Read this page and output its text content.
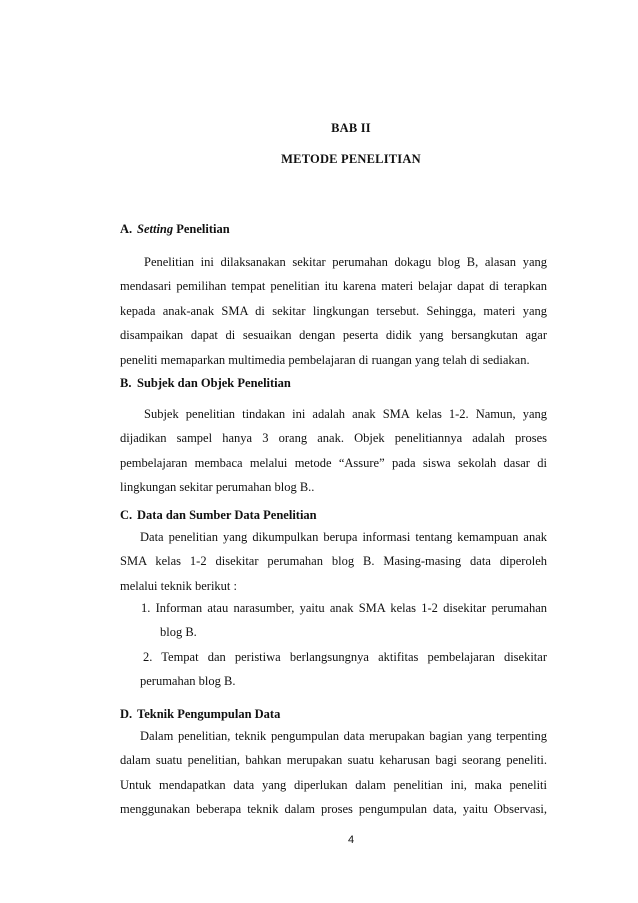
BAB II
METODE PENELITIAN
A. Setting Penelitian
Penelitian ini dilaksanakan sekitar perumahan dokagu blog B, alasan yang
mendasari pemilihan tempat penelitian itu karena materi belajar dapat di terapkan
kepada anak-anak SMA di sekitar lingkungan tersebut. Sehingga, materi yang
disampaikan dapat di sesuaikan dengan peserta didik yang bersangkutan agar
peneliti memaparkan multimedia pembelajaran di ruangan yang telah di sediakan.
B. Subjek dan Objek Penelitian
Subjek penelitian tindakan ini adalah anak SMA kelas 1-2. Namun, yang
dijadikan sampel hanya 3 orang anak. Objek penelitiannya adalah proses
pembelajaran membaca melalui metode “Assure” pada siswa sekolah dasar di
lingkungan sekitar perumahan blog B..
C. Data dan Sumber Data Penelitian
Data penelitian yang dikumpulkan berupa informasi tentang kemampuan anak
SMA kelas 1-2 disekitar perumahan blog B. Masing-masing data diperoleh
melalui teknik berikut :
1. Informan atau narasumber, yaitu anak SMA kelas 1-2 disekitar perumahan
blog B.
2. Tempat dan peristiwa berlangsungnya aktifitas pembelajaran disekitar
perumahan blog B.
D. Teknik Pengumpulan Data
Dalam penelitian, teknik pengumpulan data merupakan bagian yang terpenting
dalam suatu penelitian, bahkan merupakan suatu keharusan bagi seorang peneliti.
Untuk mendapatkan data yang diperlukan dalam penelitian ini, maka peneliti
menggunakan beberapa teknik dalam proses pengumpulan data, yaitu Observasi,
4
